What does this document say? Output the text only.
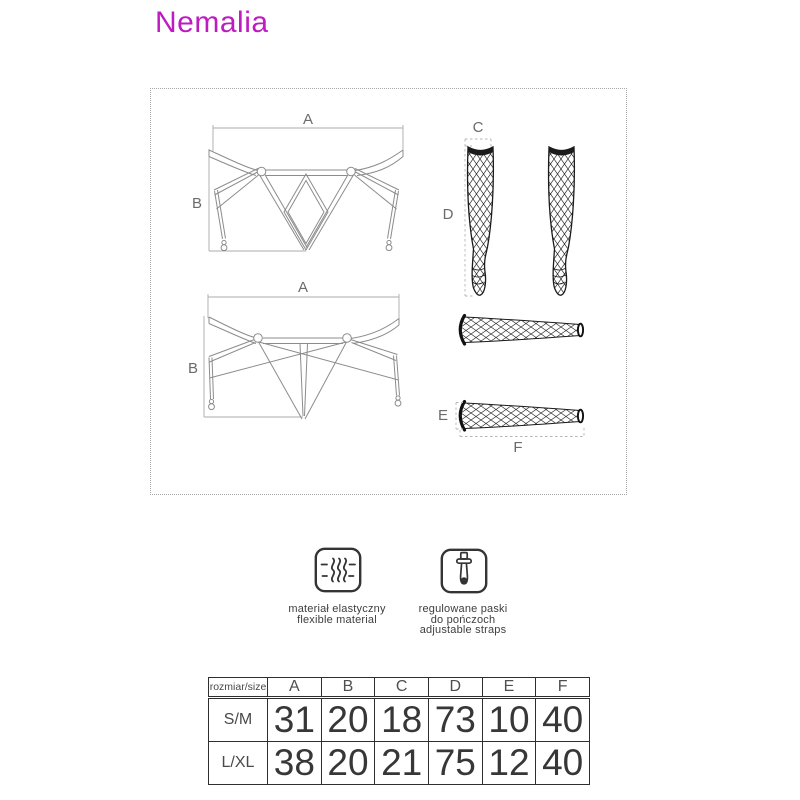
Nemalia
A
B
A
B
C
D
E
F
materiał elastyczny
flexible material
regulowane paski
do pończoch
adjustable straps
rozmiar/size	A	B	C	D	E	F
S/M	31	20	18	73	10	40
L/XL	38	20	21	75	12	40
